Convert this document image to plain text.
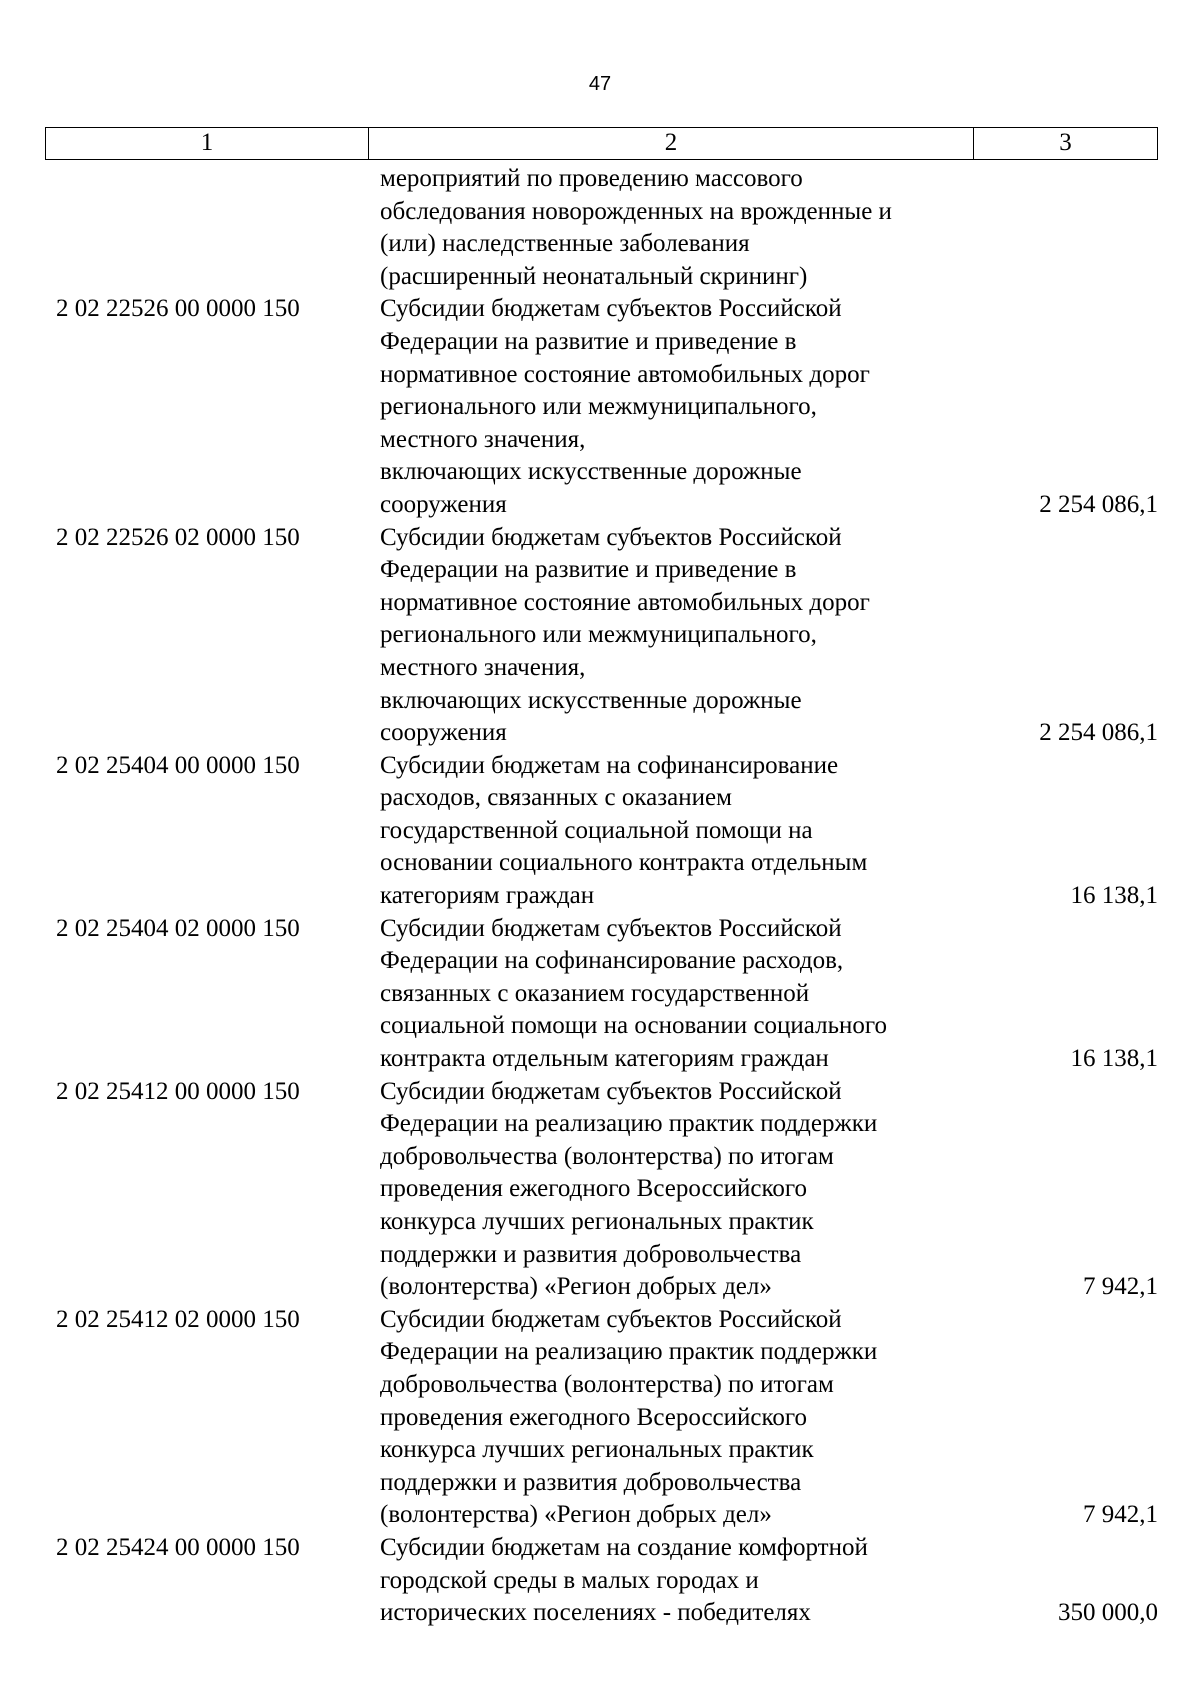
47
1	2	3
мероприятий по проведению массового
обследования новорожденных на врожденные и
(или) наследственные заболевания
(расширенный неонатальный скрининг)
2 02 22526 00 0000 150	Субсидии бюджетам субъектов Российской
Федерации на развитие и приведение в
нормативное состояние автомобильных дорог
регионального или межмуниципального,
местного значения,
включающих искусственные дорожные
сооружения	2 254 086,1
2 02 22526 02 0000 150	Субсидии бюджетам субъектов Российской
Федерации на развитие и приведение в
нормативное состояние автомобильных дорог
регионального или межмуниципального,
местного значения,
включающих искусственные дорожные
сооружения	2 254 086,1
2 02 25404 00 0000 150	Субсидии бюджетам на софинансирование
расходов, связанных с оказанием
государственной социальной помощи на
основании социального контракта отдельным
категориям граждан	16 138,1
2 02 25404 02 0000 150	Субсидии бюджетам субъектов Российской
Федерации на софинансирование расходов,
связанных с оказанием государственной
социальной помощи на основании социального
контракта отдельным категориям граждан	16 138,1
2 02 25412 00 0000 150	Субсидии бюджетам субъектов Российской
Федерации на реализацию практик поддержки
добровольчества (волонтерства) по итогам
проведения ежегодного Всероссийского
конкурса лучших региональных практик
поддержки и развития добровольчества
(волонтерства) «Регион добрых дел»	7 942,1
2 02 25412 02 0000 150	Субсидии бюджетам субъектов Российской
Федерации на реализацию практик поддержки
добровольчества (волонтерства) по итогам
проведения ежегодного Всероссийского
конкурса лучших региональных практик
поддержки и развития добровольчества
(волонтерства) «Регион добрых дел»	7 942,1
2 02 25424 00 0000 150	Субсидии бюджетам на создание комфортной
городской среды в малых городах и
исторических поселениях - победителях	350 000,0
